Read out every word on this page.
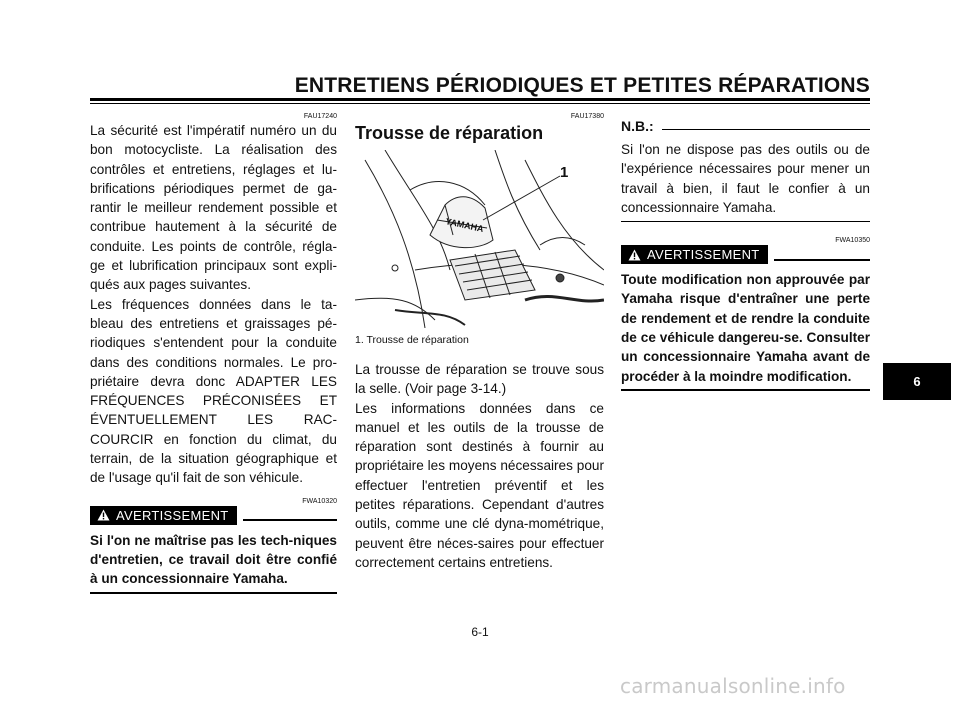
ENTRETIENS PÉRIODIQUES ET PETITES RÉPARATIONS
FAU17240

La sécurité est l'impératif numéro un du bon motocycliste. La réalisation des contrôles et entretiens, réglages et lu-brifications périodiques permet de ga-rantir le meilleur rendement possible et contribue hautement à la sécurité de conduite. Les points de contrôle, régla-ge et lubrification principaux sont expli-qués aux pages suivantes.

Les fréquences données dans le ta-bleau des entretiens et graissages pé-riodiques s'entendent pour la conduite dans des conditions normales. Le pro-priétaire devra donc ADAPTER LES FRÉQUENCES PRÉCONISÉES ET ÉVENTUELLEMENT LES RAC-COURCIR en fonction du climat, du terrain, de la situation géographique et de l'usage qu'il fait de son véhicule.

FWA10320
AVERTISSEMENT

Si l'on ne maîtrise pas les tech-niques d'entretien, ce travail doit être confié à un concessionnaire Yamaha.

FAU17380
Trousse de réparation
YAMAHA
1
1. Trousse de réparation

La trousse de réparation se trouve sous la selle. (Voir page 3-14.)

Les informations données dans ce manuel et les outils de la trousse de réparation sont destinés à fournir au propriétaire les moyens nécessaires pour effectuer l'entretien préventif et les petites réparations. Cependant d'autres outils, comme une clé dyna-mométrique, peuvent être néces-saires pour effectuer correctement certains entretiens.

N.B.:

Si l'on ne dispose pas des outils ou de l'expérience nécessaires pour mener un travail à bien, il faut le confier à un concessionnaire Yamaha.

FWA10350
AVERTISSEMENT

Toute modification non approuvée par Yamaha risque d'entraîner une perte de rendement et de rendre la conduite de ce véhicule dangereu-se. Consulter un concessionnaire Yamaha avant de procéder à la moindre modification.	6
6-1
carmanualsonline.info
